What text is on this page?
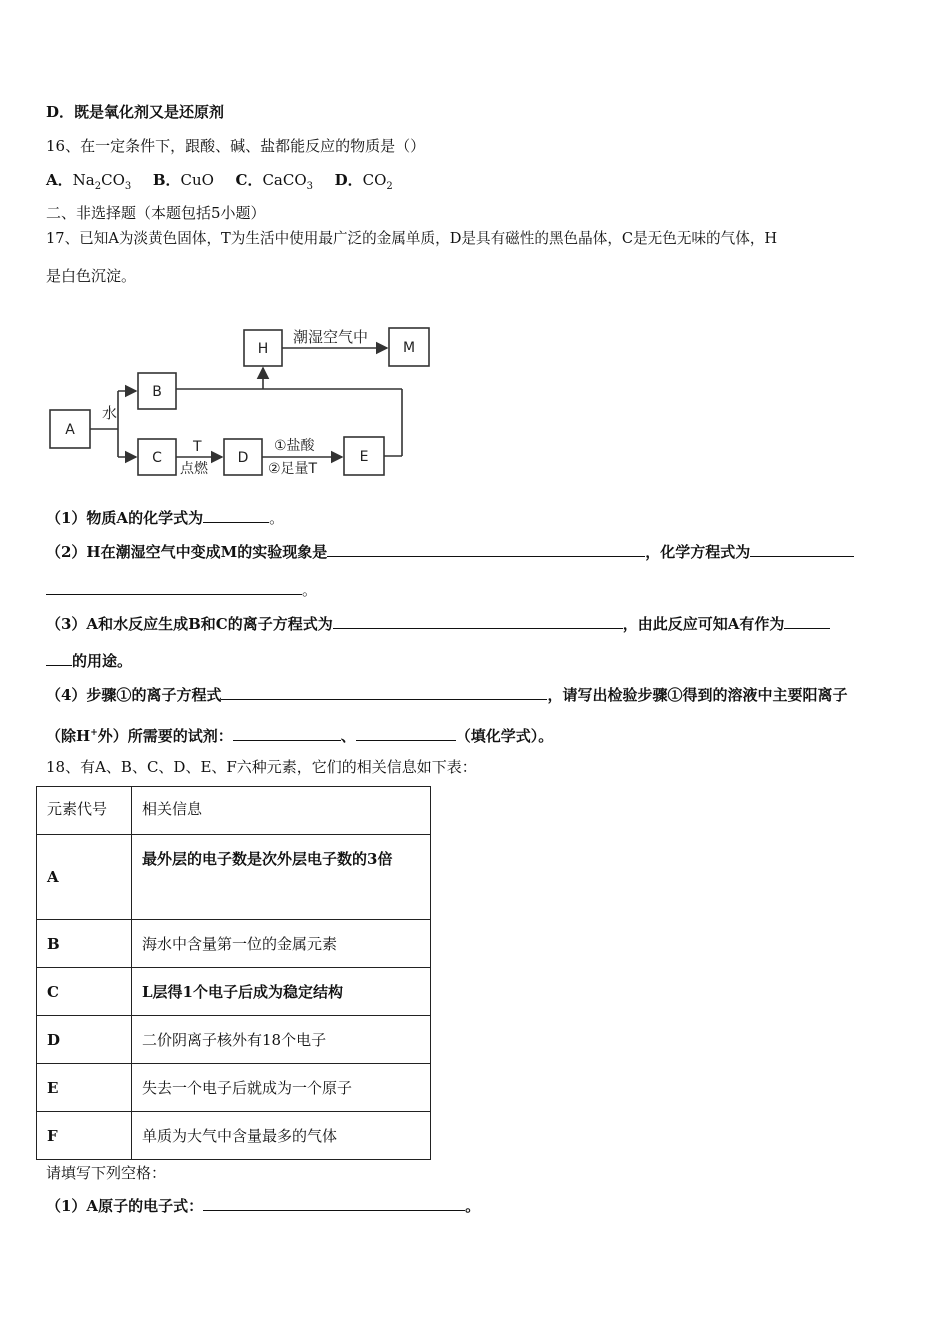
D．既是氧化剂又是还原剂
16、在一定条件下，跟酸、碱、盐都能反应的物质是（）
A．$Na_2CO_3$ B．CuO C．CaCO$_3$ D．$CO_2$
二、非选择题（本题包括5小题）
17、已知A为淡黄色固体，T为生活中使用最广泛的金属单质，D是具有磁性的黑色晶体，C是无色无味的气体，H
是白色沉淀。
A
B
C	D	E
H	M
水
潮湿空气中
T
点燃
①盐酸
②足量T
（1）物质A的化学式为	。
（2）H在潮湿空气中变成M的实验现象是	，化学方程式为
。
（3）A和水反应生成B和C的离子方程式为	，由此反应可知A有作为
的用途。
（4）步骤①的离子方程式	，请写出检验步骤①得到的溶液中主要阳离子
（除H+外）所需要的试剂：	、	（填化学式）。
18、有A、B、C、D、E、F六种元素，它们的相关信息如下表：
元素代号	相关信息
A	最外层的电子数是次外层电子数的3倍
B	海水中含量第一位的金属元素
C	L层得1个电子后成为稳定结构
D	二价阴离子核外有18个电子
E	失去一个电子后就成为一个原子
F	单质为大气中含量最多的气体
请填写下列空格：
（1）A原子的电子式：	。
